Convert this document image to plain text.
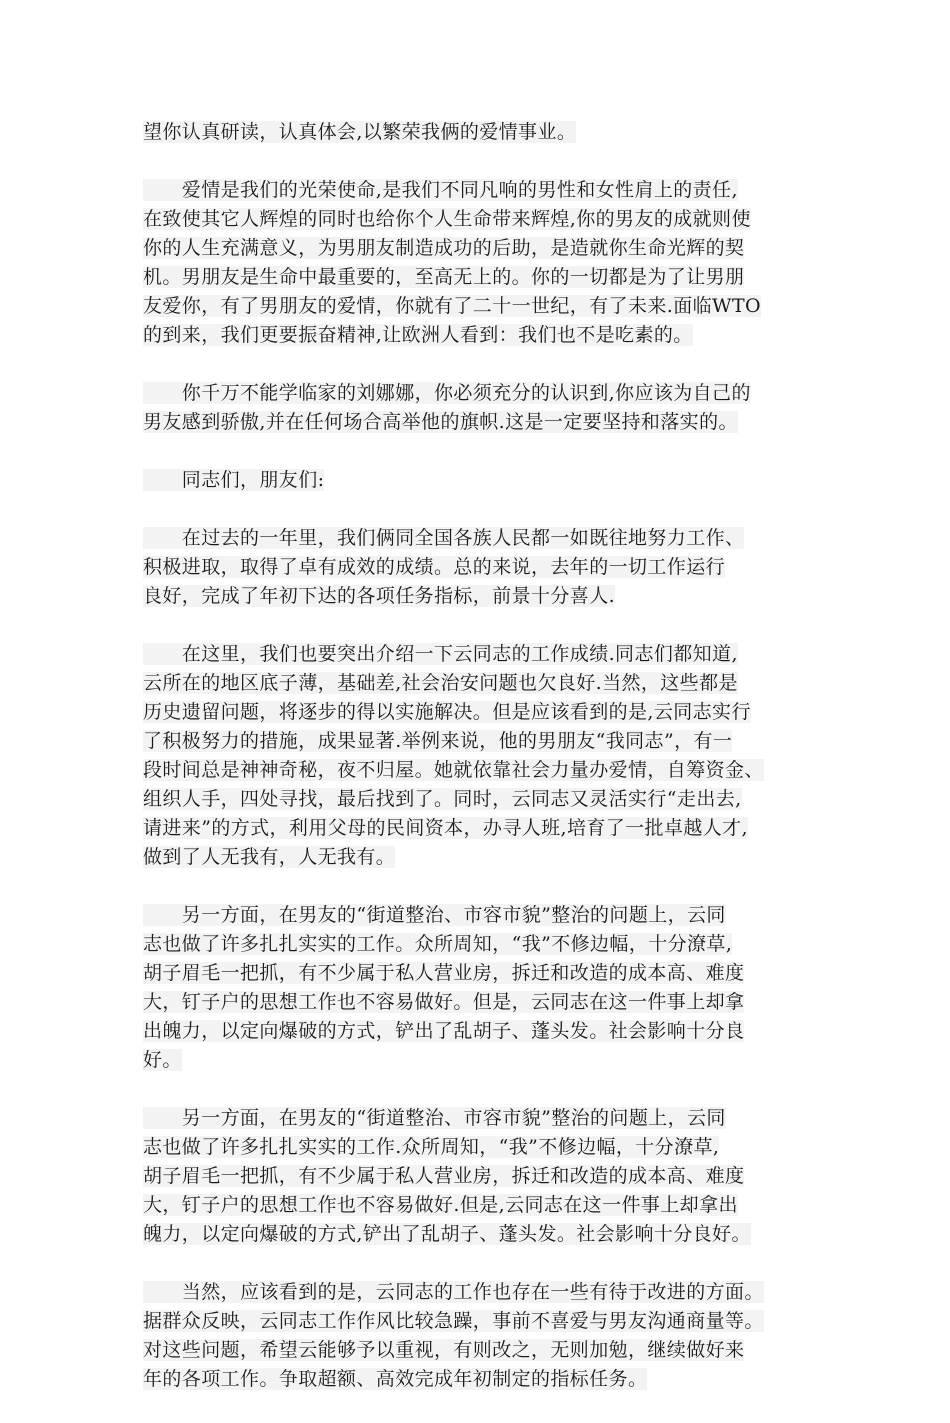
望你认真研读，认真体会,以繁荣我俩的爱情事业。
　　爱情是我们的光荣使命,是我们不同凡响的男性和女性肩上的责任,
在致使其它人辉煌的同时也给你个人生命带来辉煌,你的男友的成就则使
你的人生充满意义，为男朋友制造成功的后助，是造就你生命光辉的契
机。男朋友是生命中最重要的，至高无上的。你的一切都是为了让男朋
友爱你，有了男朋友的爱情，你就有了二十一世纪，有了未来.面临WTO
的到来，我们更要振奋精神,让欧洲人看到：我们也不是吃素的。
　　你千万不能学临家的刘娜娜，你必须充分的认识到,你应该为自己的
男友感到骄傲,并在任何场合高举他的旗帜.这是一定要坚持和落实的。
　　同志们，朋友们:
　　在过去的一年里，我们俩同全国各族人民都一如既往地努力工作、
积极进取，取得了卓有成效的成绩。总的来说，去年的一切工作运行
良好，完成了年初下达的各项任务指标，前景十分喜人.
　　在这里，我们也要突出介绍一下云同志的工作成绩.同志们都知道,
云所在的地区底子薄，基础差,社会治安问题也欠良好.当然，这些都是
历史遗留问题，将逐步的得以实施解决。但是应该看到的是,云同志实行
了积极努力的措施，成果显著.举例来说，他的男朋友“我同志”，有一
段时间总是神神奇秘，夜不归屋。她就依靠社会力量办爱情，自筹资金、
组织人手，四处寻找，最后找到了。同时，云同志又灵活实行“走出去,
请进来”的方式，利用父母的民间资本，办寻人班,培育了一批卓越人才,
做到了人无我有，人无我有。
　　另一方面，在男友的“街道整治、市容市貌”整治的问题上，云同
志也做了许多扎扎实实的工作。众所周知，“我”不修边幅，十分潦草,
胡子眉毛一把抓，有不少属于私人营业房，拆迁和改造的成本高、难度
大，钉子户的思想工作也不容易做好。但是，云同志在这一件事上却拿
出魄力，以定向爆破的方式，铲出了乱胡子、蓬头发。社会影响十分良
好。
　　另一方面，在男友的“街道整治、市容市貌”整治的问题上，云同
志也做了许多扎扎实实的工作.众所周知，“我”不修边幅，十分潦草,
胡子眉毛一把抓，有不少属于私人营业房，拆迁和改造的成本高、难度
大，钉子户的思想工作也不容易做好.但是,云同志在这一件事上却拿出
魄力，以定向爆破的方式,铲出了乱胡子、蓬头发。社会影响十分良好。
　　当然，应该看到的是，云同志的工作也存在一些有待于改进的方面。
据群众反映，云同志工作作风比较急躁，事前不喜爱与男友沟通商量等。
对这些问题，希望云能够予以重视，有则改之，无则加勉，继续做好来
年的各项工作。争取超额、高效完成年初制定的指标任务。
